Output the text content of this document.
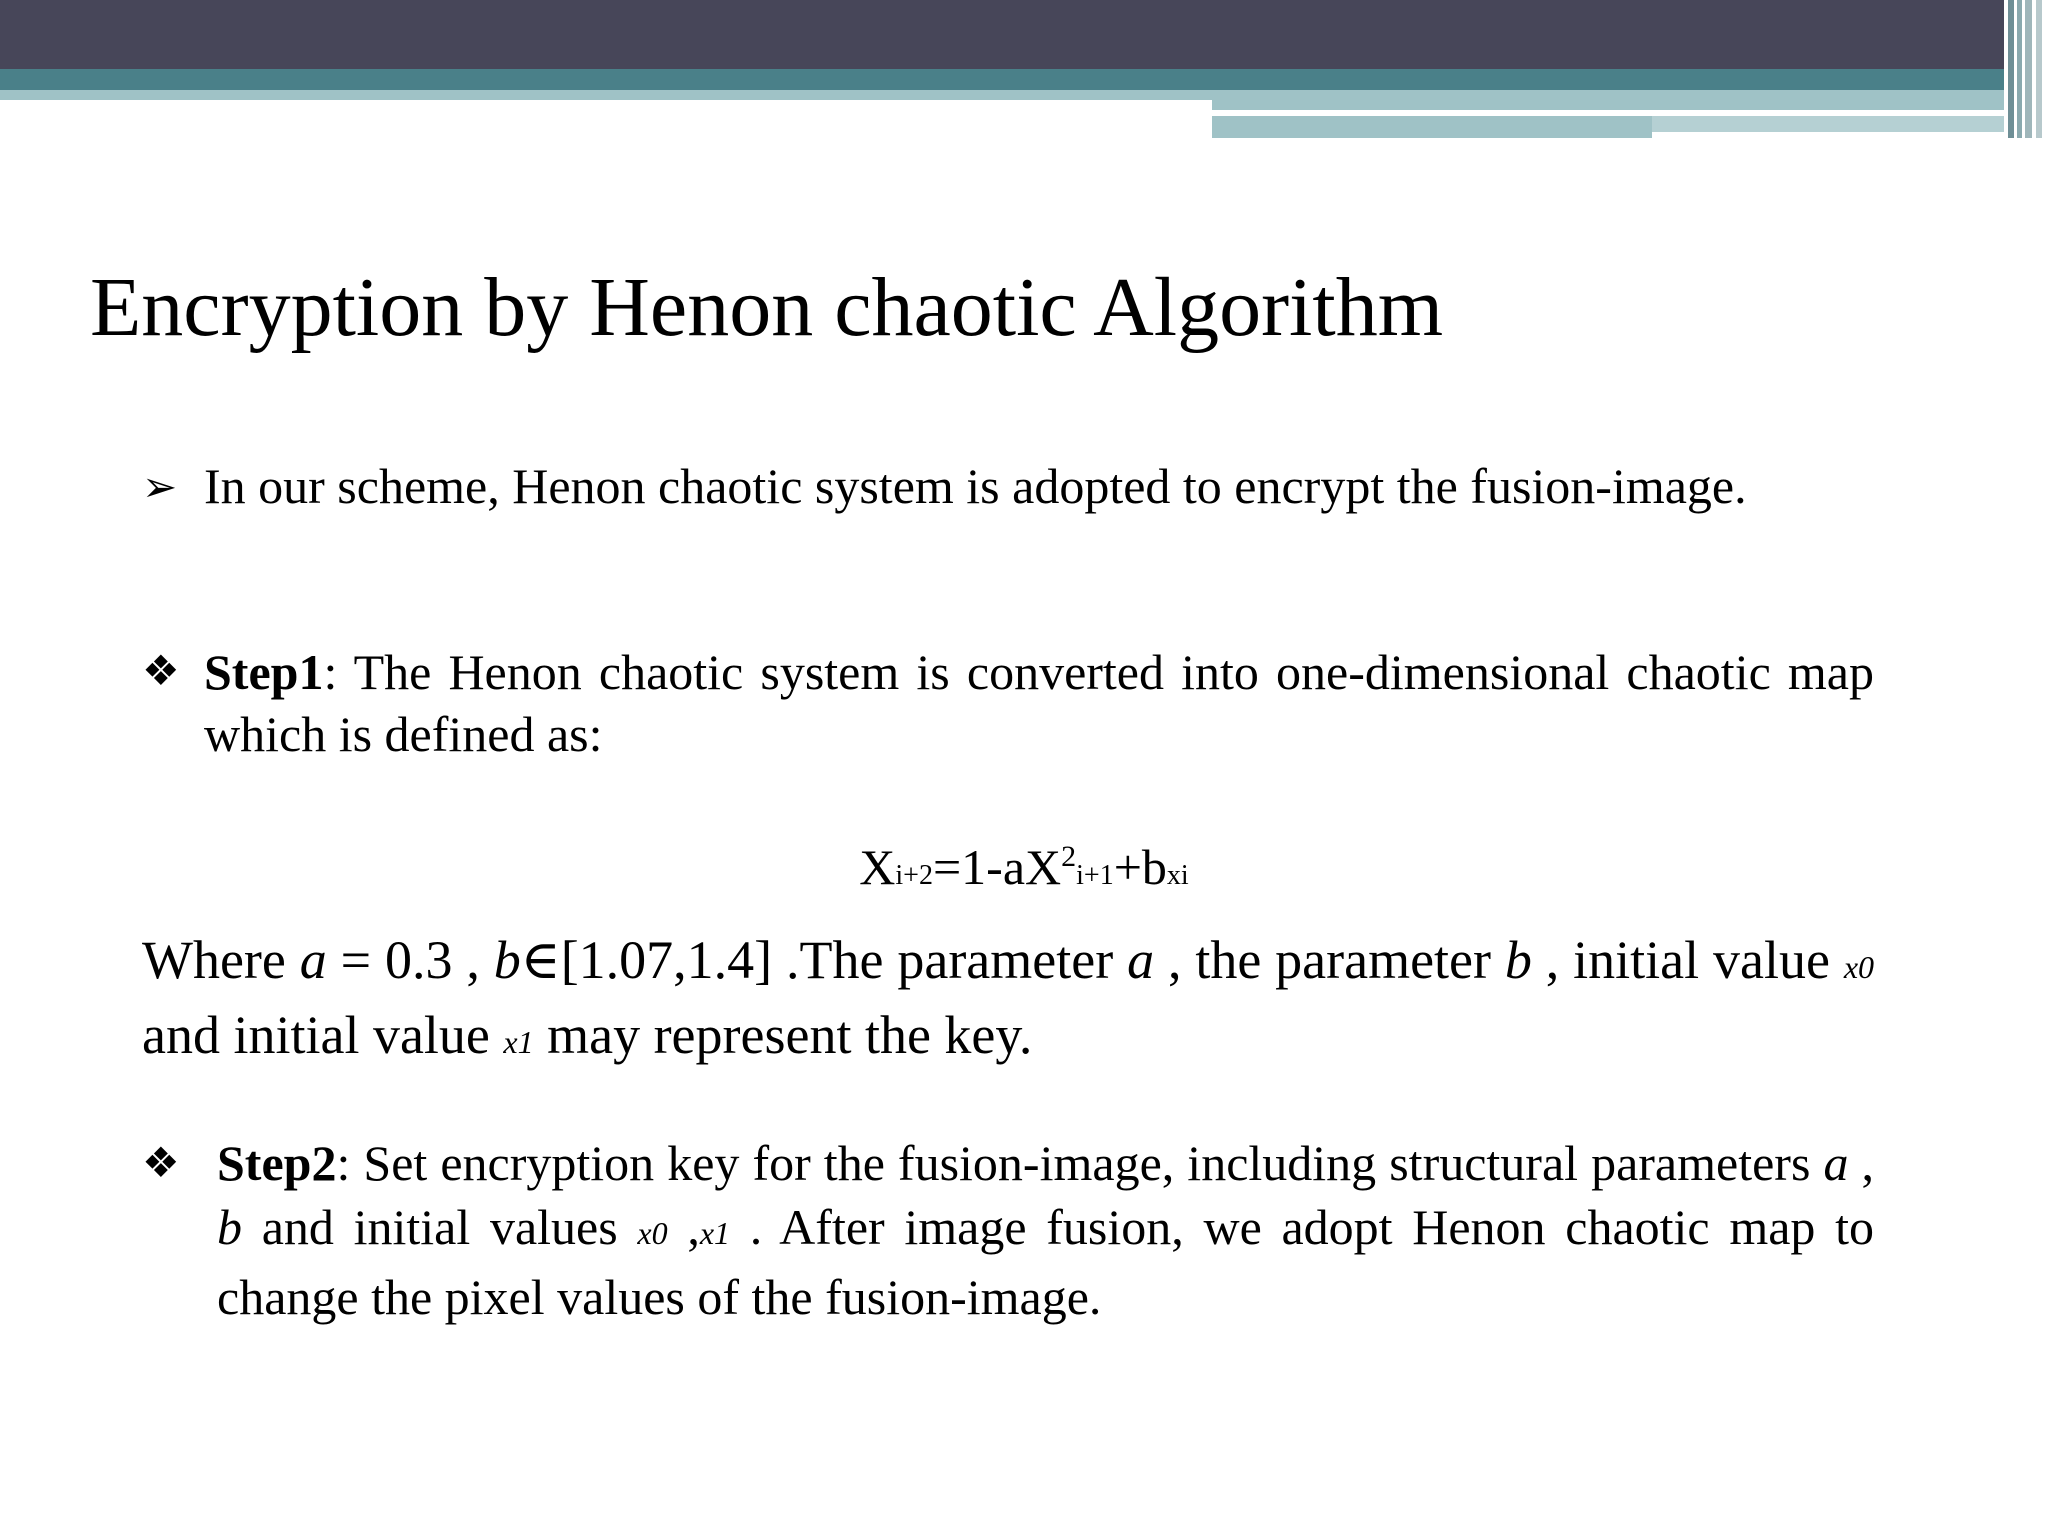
Encryption by Henon chaotic Algorithm
➢ In our scheme, Henon chaotic system is adopted to encrypt the fusion-image.
❖ Step1: The Henon chaotic system is converted into one-dimensional chaotic map which is defined as:
$Xi+2=1-aX^2i+1+bxi$
Where a = 0.3 , b∈[1.07,1.4] .The parameter a , the parameter b , initial value x0 and initial value x1 may represent the key.
❖ Step2: Set encryption key for the fusion-image, including structural parameters a , b and initial values x0 ,x1 . After image fusion, we adopt Henon chaotic map to change the pixel values of the fusion-image.
